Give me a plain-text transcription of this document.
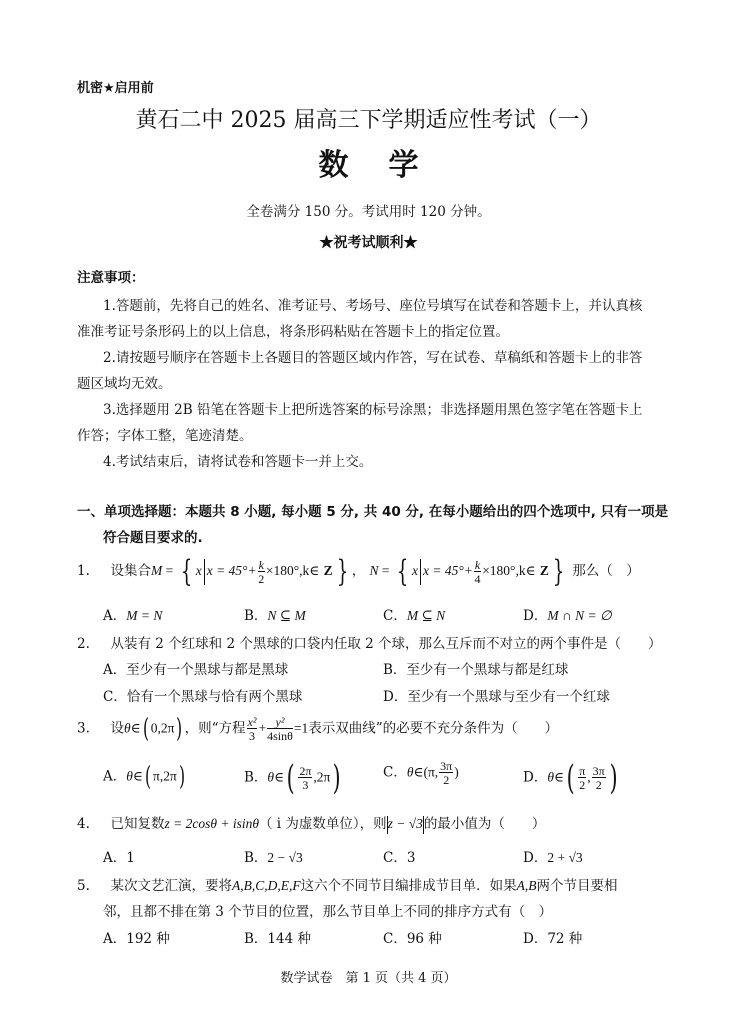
机密★启用前
黄石二中 2025 届高三下学期适应性考试（一）
数学
全卷满分 150 分。考试用时 120 分钟。
★祝考试顺利★
注意事项：
1.答题前，先将自己的姓名、准考证号、考场号、座位号填写在试卷和答题卡上，并认真核
准准考证号条形码上的以上信息，将条形码粘贴在答题卡上的指定位置。
2.请按题号顺序在答题卡上各题目的答题区域内作答，写在试卷、草稿纸和答题卡上的非答
题区域均无效。
3.选择题用 2B 铅笔在答题卡上把所选答案的标号涂黑；非选择题用黑色签字笔在答题卡上
作答；字体工整，笔迹清楚。
4.考试结束后，请将试卷和答题卡一并上交。
一、单项选择题：本题共 8 小题, 每小题 5 分, 共 40 分, 在每小题给出的四个选项中, 只有一项是
符合题目要求的.
1. 设集合M = { x $x = 45^\circ+ \frac{k}{2}$ ×180°,k∈ Z } ， N = { x $x = 45^\circ+ \frac{k}{4}$ ×180°,k∈ Z } 那么（　）
A．M = N	B．N ⊆ M	C．M ⊆ N	D．M ∩ N = ∅
2. 从装有 2 个红球和 2 个黑球的口袋内任取 2 个球，那么互斥而不对立的两个事件是（　　）
A．至少有一个黑球与都是黑球	B．至少有一个黑球与都是红球
C．恰有一个黑球与恰有两个黑球	D．至少有一个黑球与至少有一个红球
3. 设θ∈( 0,2π) ，则“方程 $\frac{\text{x²}}{3} + \frac{\text{y²}}{4\sin\theta} =1$表示双曲线”的必要不充分条件为（　　）
A．θ∈( π,2π)	B．θ∈( $\frac{2\pi}{3} ,2\pi$)	C．θ∈(π, $\frac{3\pi}{2}$ )	D．θ∈( $\frac{\pi}{2}$ , $\frac{3\pi}{2}$ )
4. 已知复数z = 2cosθ + isinθ（ i 为虚数单位），则z − √3的最小值为（　　）
A．1	B．2 − √3	C．3	D．2 + √3
5. 某次文艺汇演，要将A,B,C,D,E,F这六个不同节目编排成节目单．如果A,B两个节目要相
邻，且都不排在第 3 个节目的位置，那么节目单上不同的排序方式有（　）
A．192 种	B．144 种	C．96 种	D．72 种
数学试卷　第 1 页（共 4 页）
